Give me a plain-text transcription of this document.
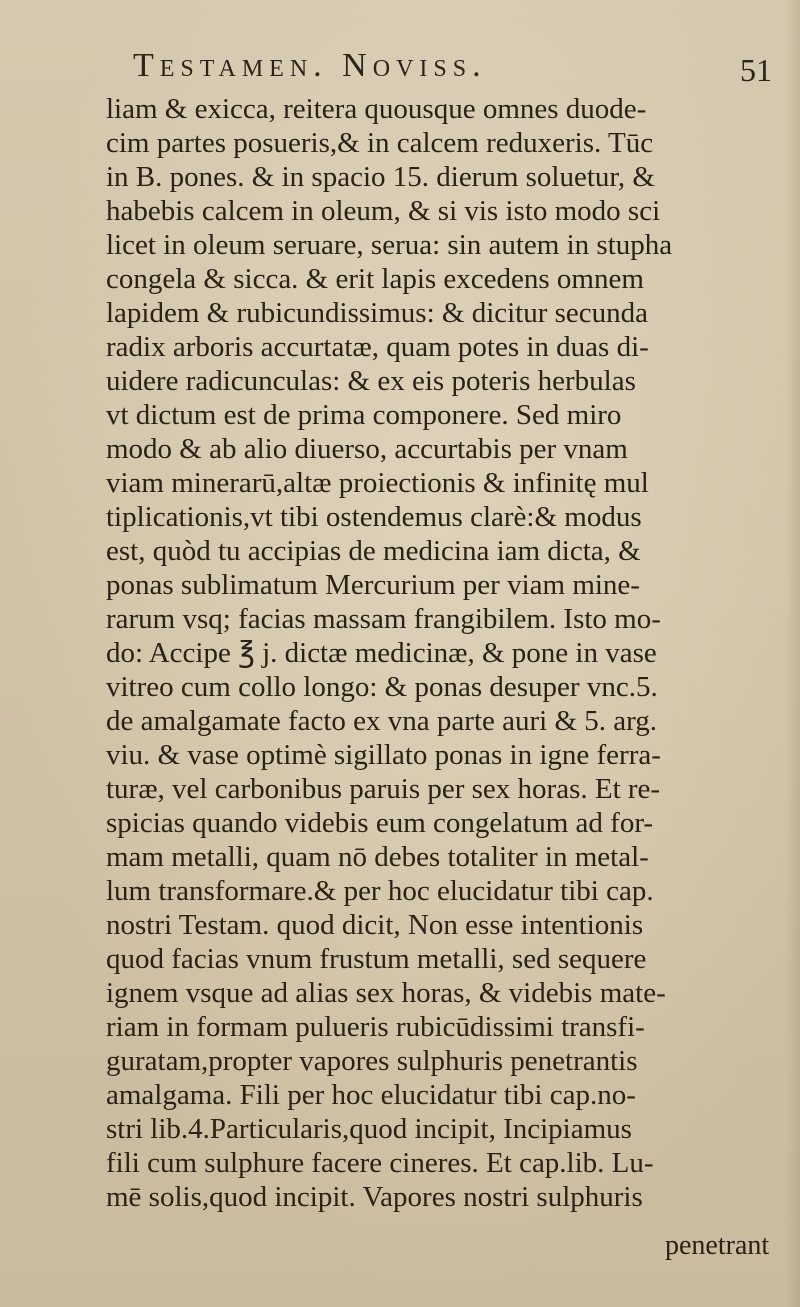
Testamen. Noviss.	51
liam & exicca, reitera quousque omnes duode-
cim partes posueris,& in calcem reduxeris. Tūc
in B. pones. & in spacio 15. dierum soluetur, &
habebis calcem in oleum, & si vis isto modo sci
licet in oleum seruare, serua: sin autem in stupha
congela & sicca. & erit lapis excedens omnem
lapidem & rubicundissimus: & dicitur secunda
radix arboris accurtatæ, quam potes in duas di-
uidere radicunculas: & ex eis poteris herbulas
vt dictum est de prima componere. Sed miro
modo & ab alio diuerso, accurtabis per vnam
viam minerarū,altæ proiectionis & infinitę mul
tiplicationis,vt tibi ostendemus clarè:& modus
est, quòd tu accipias de medicina iam dicta, &
ponas sublimatum Mercurium per viam mine-
rarum vsq; facias massam frangibilem. Isto mo-
do: Accipe ℥ j. dictæ medicinæ, & pone in vase
vitreo cum collo longo: & ponas desuper vnc.5.
de amalgamate facto ex vna parte auri & 5. arg.
viu. & vase optimè sigillato ponas in igne ferra-
turæ, vel carbonibus paruis per sex horas. Et re-
spicias quando videbis eum congelatum ad for-
mam metalli, quam nō debes totaliter in metal-
lum transformare.& per hoc elucidatur tibi cap.
nostri Testam. quod dicit, Non esse intentionis
quod facias vnum frustum metalli, sed sequere
ignem vsque ad alias sex horas, & videbis mate-
riam in formam pulueris rubicūdissimi transfi-
guratam,propter vapores sulphuris penetrantis
amalgama. Fili per hoc elucidatur tibi cap.no-
stri lib.4.Particularis,quod incipit, Incipiamus
fili cum sulphure facere cineres. Et cap.lib. Lu-
mē solis,quod incipit. Vapores nostri sulphuris
penetrant
